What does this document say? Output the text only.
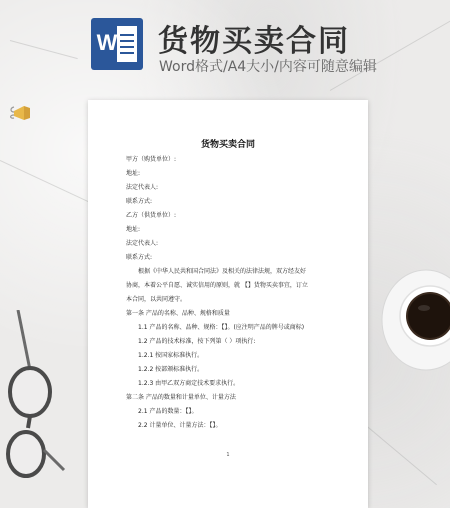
W 货物买卖合同
Word格式/A4大小/内容可随意编辑
货物买卖合同
甲方（购货单位）:
地址:
法定代表人:
联系方式:
乙方（供货单位）:
地址:
法定代表人:
联系方式:
根据《中华人民共和国合同法》及相关的法律法规，双方经友好
协商，本着公平自愿、诚实信用的原则，就 【】货物买卖事宜，订立
本合同，以共同遵守。
第一条 产品的名称、品种、规格和质量
1.1 产品的名称、品种、规格：【】。(应注明产品的牌号或商标)
1.2 产品的技术标准，按下列第（ ）项执行:
1.2.1 按国家标准执行。
1.2.2 按部颁标准执行。
1.2.3 由甲乙双方商定技术要求执行。
第二条 产品的数量和计量单位、计量方法
2.1 产品的数量：【】。
2.2 计量单位、计量方法：【】。
1
